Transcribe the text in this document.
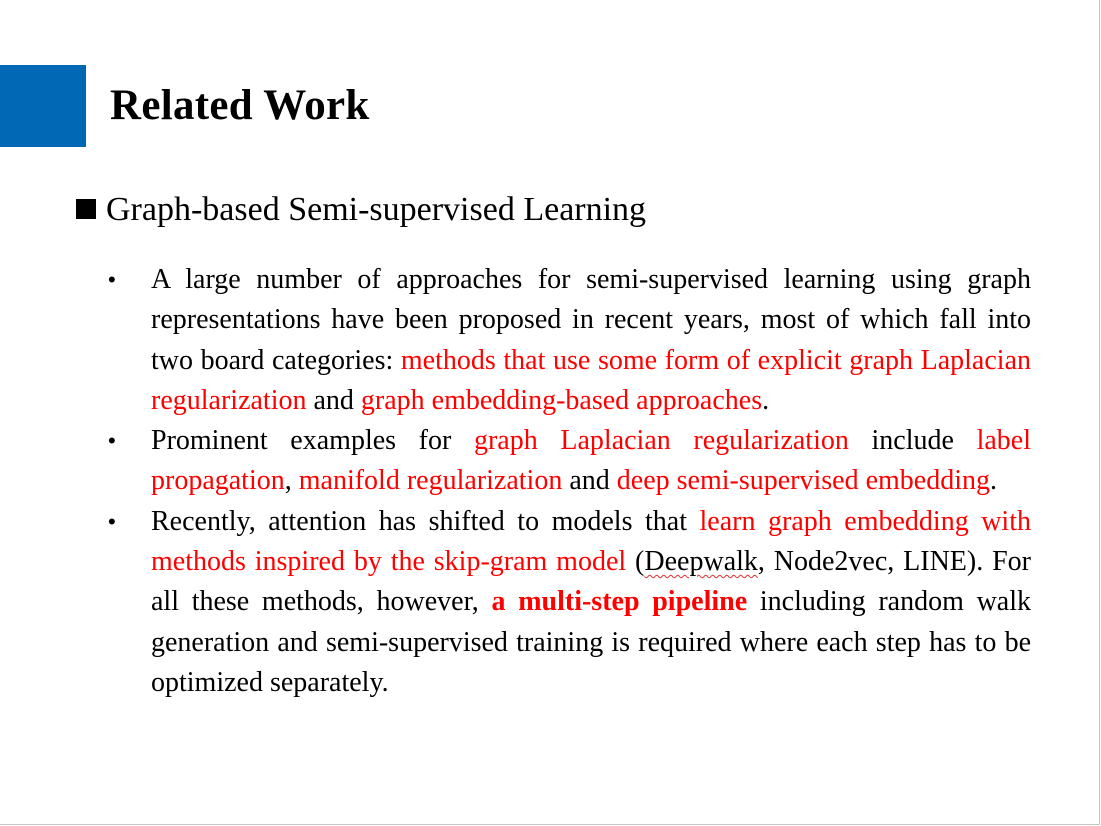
Related Work
Graph-based Semi-supervised Learning
• A large number of approaches for semi-supervised learning using graph representations have been proposed in recent years, most of which fall into two board categories: methods that use some form of explicit graph Laplacian regularization and graph embedding-based approaches.
• Prominent examples for graph Laplacian regularization include label propagation, manifold regularization and deep semi-supervised embedding.
• Recently, attention has shifted to models that learn graph embedding with methods inspired by the skip-gram model (Deepwalk, Node2vec, LINE). For all these methods, however, a multi-step pipeline including random walk generation and semi-supervised training is required where each step has to be optimized separately.
